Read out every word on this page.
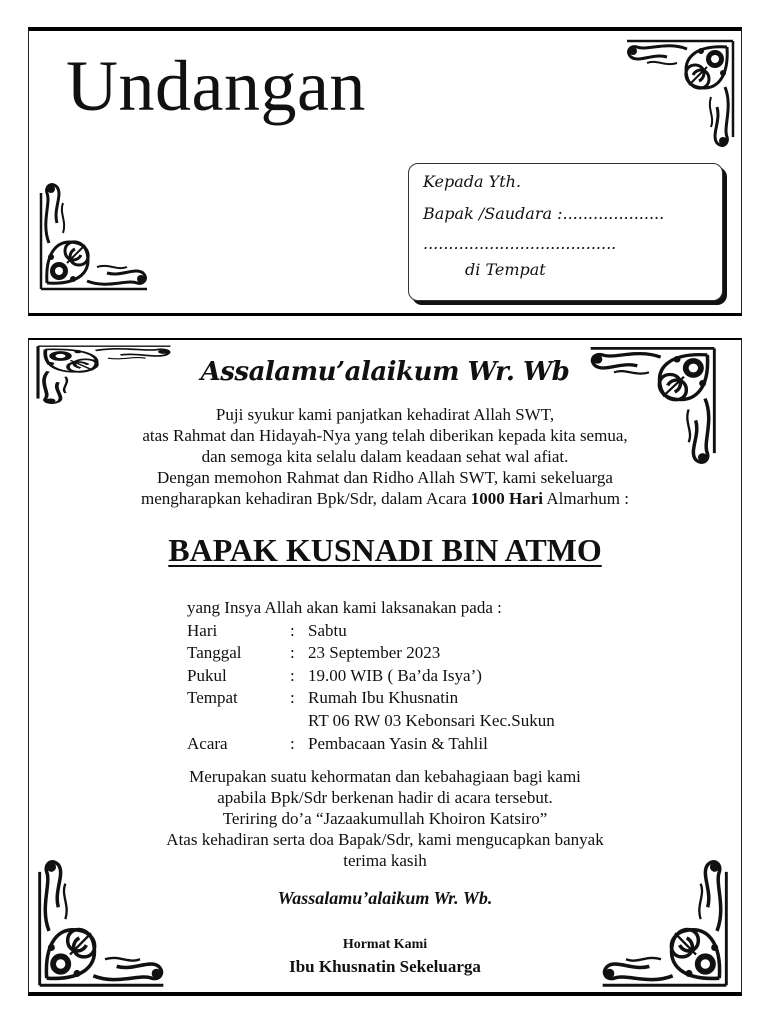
Undangan
Kepada Yth.
Bapak /Saudara :....................
......................................
di Tempat
Assalamu’alaikum Wr. Wb
Puji syukur kami panjatkan kehadirat Allah SWT,
atas Rahmat dan Hidayah-Nya yang telah diberikan kepada kita semua,
dan semoga kita selalu dalam keadaan sehat wal afiat.
Dengan memohon Rahmat dan Ridho Allah SWT, kami sekeluarga
mengharapkan kehadiran Bpk/Sdr, dalam Acara 1000 Hari Almarhum :
BAPAK KUSNADI BIN ATMO
yang Insya Allah akan kami laksanakan pada :
Hari	: Sabtu
Tanggal	: 23 September 2023
Pukul	: 19.00 WIB ( Ba’da Isya’)
Tempat	: Rumah Ibu Khusnatin
RT 06 RW 03 Kebonsari Kec.Sukun
Acara	: Pembacaan Yasin & Tahlil
Merupakan suatu kehormatan dan kebahagiaan bagi kami
apabila Bpk/Sdr berkenan hadir di acara tersebut.
Teriring do’a “Jazaakumullah Khoiron Katsiro”
Atas kehadiran serta doa Bapak/Sdr, kami mengucapkan banyak
terima kasih
Wassalamu’alaikum Wr. Wb.
Hormat Kami
Ibu Khusnatin Sekeluarga
